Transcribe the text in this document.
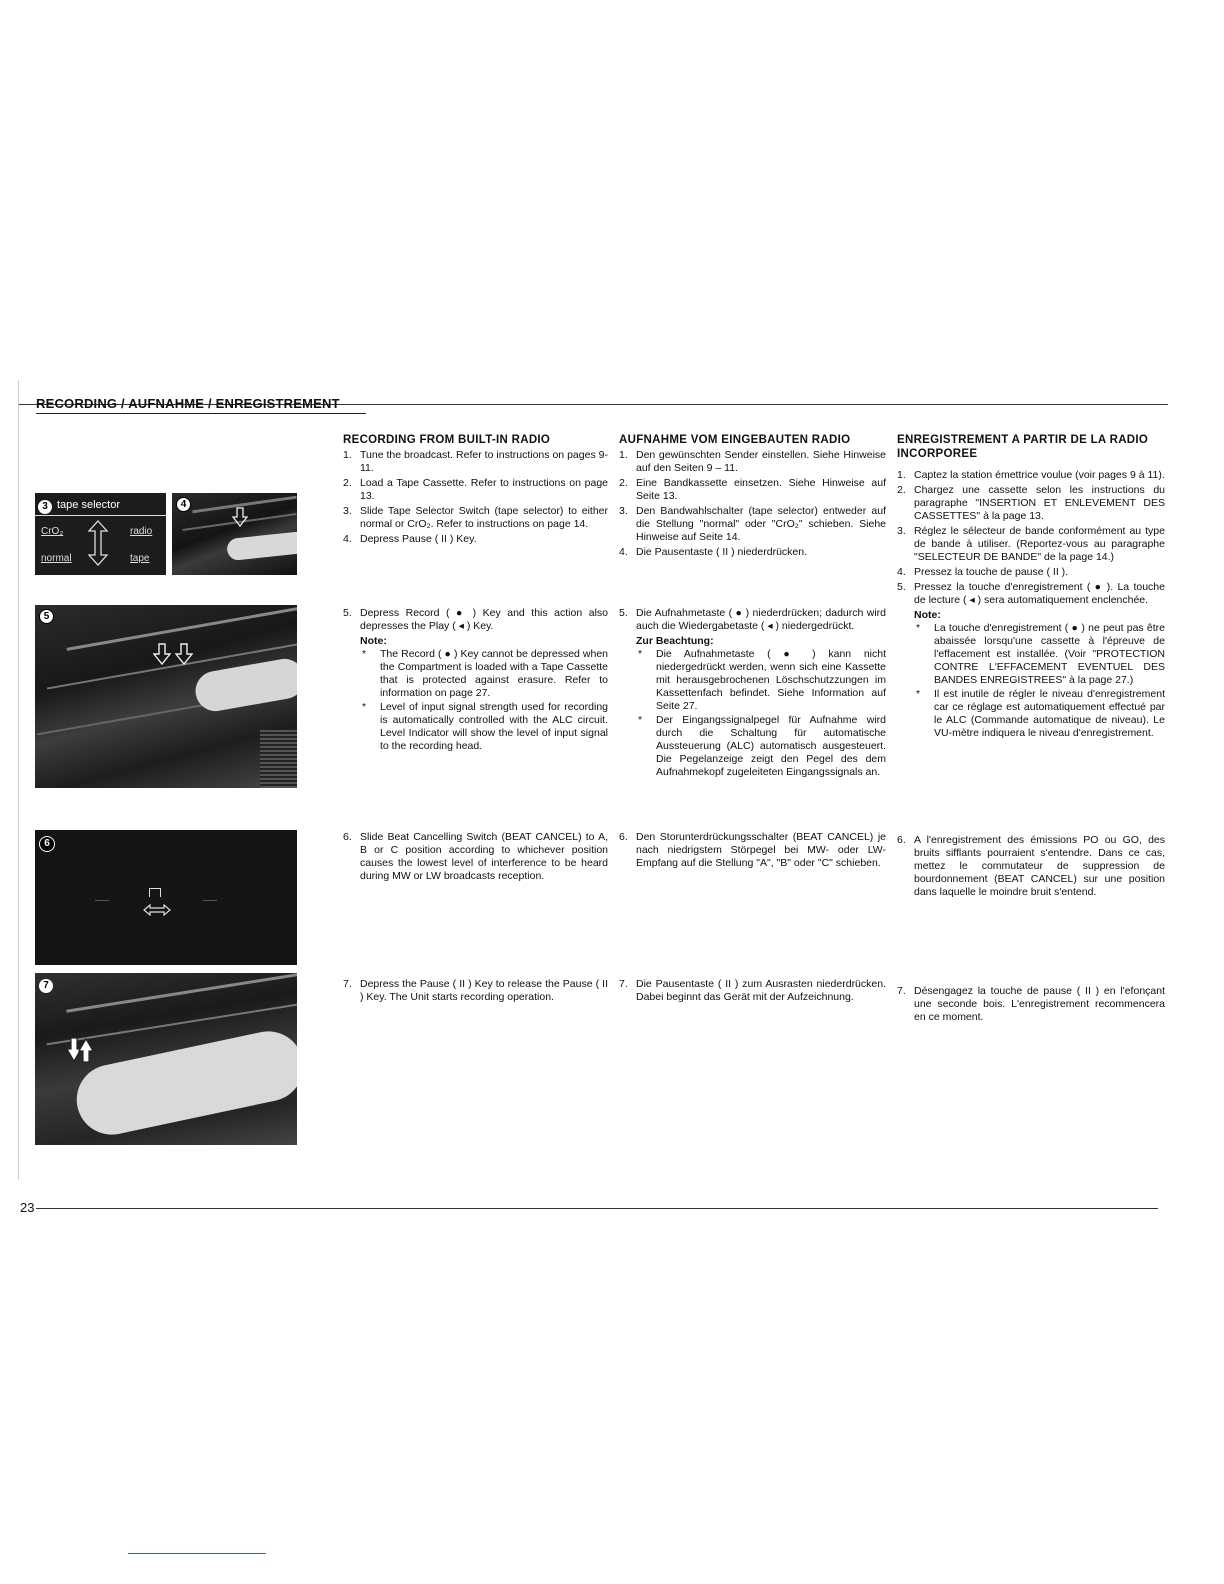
RECORDING / AUFNAHME / ENREGISTREMENT
3 tape selector
CrO₂	radio
normal	tape
4
5
6
7
RECORDING FROM BUILT-IN RADIO
1. Tune the broadcast. Refer to instructions on pages 9-11.
2. Load a Tape Cassette. Refer to instructions on page 13.
3. Slide Tape Selector Switch (tape selector) to either normal or CrO₂. Refer to instructions on page 14.
4. Depress Pause ( II ) Key.
5. Depress Record ( ● ) Key and this action also depresses the Play ( ◂ ) Key.
Note:
* The Record ( ● ) Key cannot be depressed when the Compartment is loaded with a Tape Cassette that is protected against erasure. Refer to information on page 27.
* Level of input signal strength used for recording is automatically controlled with the ALC circuit. Level Indicator will show the level of input signal to the recording head.
6. Slide Beat Cancelling Switch (BEAT CANCEL) to A, B or C position according to whichever position causes the lowest level of interference to be heard during MW or LW broadcasts reception.
7. Depress the Pause ( II ) Key to release the Pause ( II ) Key. The Unit starts recording operation.
AUFNAHME VOM EINGEBAUTEN RADIO
1. Den gewünschten Sender einstellen. Siehe Hinweise auf den Seiten 9 – 11.
2. Eine Bandkassette einsetzen. Siehe Hinweise auf Seite 13.
3. Den Bandwahlschalter (tape selector) entweder auf die Stellung "normal" oder "CrO₂" schieben. Siehe Hinweise auf Seite 14.
4. Die Pausentaste ( II ) niederdrücken.
5. Die Aufnahmetaste ( ● ) niederdrücken; dadurch wird auch die Wiedergabetaste ( ◂ ) niedergedrückt.
Zur Beachtung:
* Die Aufnahmetaste ( ● ) kann nicht niedergedrückt werden, wenn sich eine Kassette mit herausgebrochenen Löschschutzzungen im Kassettenfach befindet. Siehe Information auf Seite 27.
* Der Eingangssignalpegel für Aufnahme wird durch die Schaltung für automatische Aussteuerung (ALC) automatisch ausgesteuert. Die Pegelanzeige zeigt den Pegel des dem Aufnahmekopf zugeleiteten Eingangssignals an.
6. Den Storunterdrückungsschalter (BEAT CANCEL) je nach niedrigstem Störpegel bei MW- oder LW-Empfang auf die Stellung "A", "B" oder "C" schieben.
7. Die Pausentaste ( II ) zum Ausrasten niederdrücken. Dabei beginnt das Gerät mit der Aufzeichnung.
ENREGISTREMENT A PARTIR DE LA RADIO INCORPOREE
1. Captez la station émettrice voulue (voir pages 9 à 11).
2. Chargez une cassette selon les instructions du paragraphe "INSERTION ET ENLEVEMENT DES CASSETTES" à la page 13.
3. Réglez le sélecteur de bande conformément au type de bande à utiliser. (Reportez-vous au paragraphe "SELECTEUR DE BANDE" de la page 14.)
4. Pressez la touche de pause ( II ).
5. Pressez la touche d'enregistrement ( ● ). La touche de lecture ( ◂ ) sera automatiquement enclenchée.
Note:
* La touche d'enregistrement ( ● ) ne peut pas être abaissée lorsqu'une cassette à l'épreuve de l'effacement est installée. (Voir "PROTECTION CONTRE L'EFFACEMENT EVENTUEL DES BANDES ENREGISTREES" à la page 27.)
* Il est inutile de régler le niveau d'enregistrement car ce réglage est automatiquement effectué par le ALC (Commande automatique de niveau). Le VU-mètre indiquera le niveau d'enregistrement.
6. A l'enregistrement des émissions PO ou GO, des bruits sifflants pourraient s'entendre. Dans ce cas, mettez le commutateur de suppression de bourdonnement (BEAT CANCEL) sur une position dans laquelle le moindre bruit s'entend.
7. Désengagez la touche de pause ( II ) en l'efonçant une seconde bois. L'enregistrement recommencera en ce moment.
23
